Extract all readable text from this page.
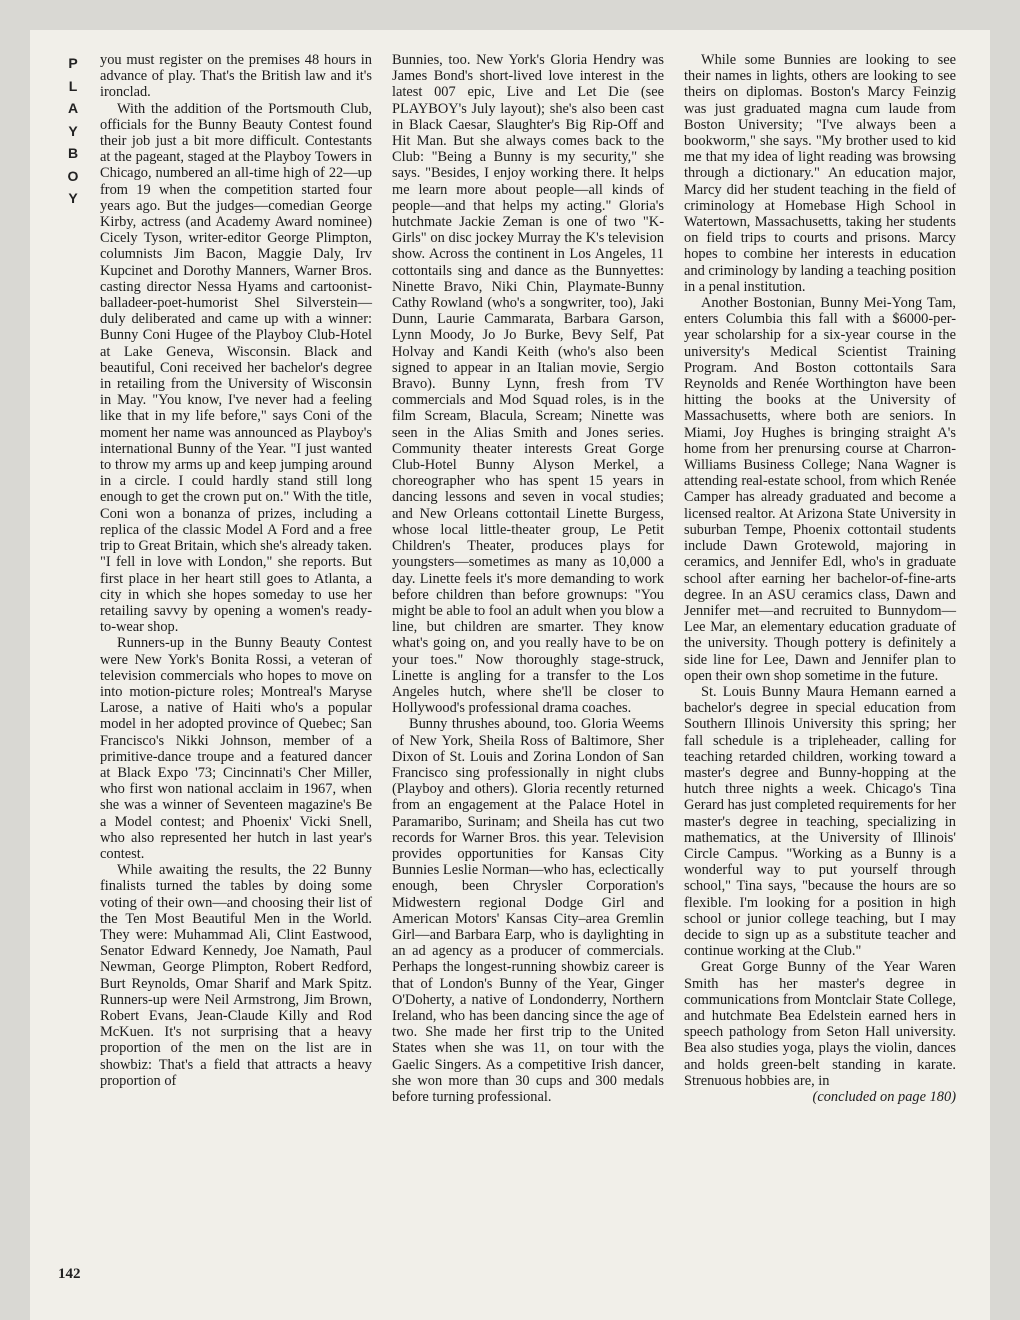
P
L
A
Y
B
O
Y

you must register on the premises 48 hours in advance of play. That's the British law and it's ironclad.

With the addition of the Portsmouth Club, officials for the Bunny Beauty Contest found their job just a bit more difficult. Contestants at the pageant, staged at the Playboy Towers in Chicago, numbered an all-time high of 22—up from 19 when the competition started four years ago. But the judges—comedian George Kirby, actress (and Academy Award nominee) Cicely Tyson, writer-editor George Plimpton, columnists Jim Bacon, Maggie Daly, Irv Kupcinet and Dorothy Manners, Warner Bros. casting director Nessa Hyams and cartoonist-balladeer-poet-humorist Shel Silverstein—duly deliberated and came up with a winner: Bunny Coni Hugee of the Playboy Club-Hotel at Lake Geneva, Wisconsin. Black and beautiful, Coni received her bachelor's degree in retailing from the University of Wisconsin in May. "You know, I've never had a feeling like that in my life before," says Coni of the moment her name was announced as Playboy's international Bunny of the Year. "I just wanted to throw my arms up and keep jumping around in a circle. I could hardly stand still long enough to get the crown put on." With the title, Coni won a bonanza of prizes, including a replica of the classic Model A Ford and a free trip to Great Britain, which she's already taken. "I fell in love with London," she reports. But first place in her heart still goes to Atlanta, a city in which she hopes someday to use her retailing savvy by opening a women's ready-to-wear shop.

Runners-up in the Bunny Beauty Contest were New York's Bonita Rossi, a veteran of television commercials who hopes to move on into motion-picture roles; Montreal's Maryse Larose, a native of Haiti who's a popular model in her adopted province of Quebec; San Francisco's Nikki Johnson, member of a primitive-dance troupe and a featured dancer at Black Expo '73; Cincinnati's Cher Miller, who first won national acclaim in 1967, when she was a winner of Seventeen magazine's Be a Model contest; and Phoenix' Vicki Snell, who also represented her hutch in last year's contest.

While awaiting the results, the 22 Bunny finalists turned the tables by doing some voting of their own—and choosing their list of the Ten Most Beautiful Men in the World. They were: Muhammad Ali, Clint Eastwood, Senator Edward Kennedy, Joe Namath, Paul Newman, George Plimpton, Robert Redford, Burt Reynolds, Omar Sharif and Mark Spitz. Runners-up were Neil Armstrong, Jim Brown, Robert Evans, Jean-Claude Killy and Rod McKuen. It's not surprising that a heavy proportion of the men on the list are in showbiz: That's a field that attracts a heavy proportion of

Bunnies, too. New York's Gloria Hendry was James Bond's short-lived love interest in the latest 007 epic, Live and Let Die (see PLAYBOY's July layout); she's also been cast in Black Caesar, Slaughter's Big Rip-Off and Hit Man. But she always comes back to the Club: "Being a Bunny is my security," she says. "Besides, I enjoy working there. It helps me learn more about people—all kinds of people—and that helps my acting." Gloria's hutchmate Jackie Zeman is one of two "K-Girls" on disc jockey Murray the K's television show. Across the continent in Los Angeles, 11 cottontails sing and dance as the Bunnyettes: Ninette Bravo, Niki Chin, Playmate-Bunny Cathy Rowland (who's a songwriter, too), Jaki Dunn, Laurie Cammarata, Barbara Garson, Lynn Moody, Jo Jo Burke, Bevy Self, Pat Holvay and Kandi Keith (who's also been signed to appear in an Italian movie, Sergio Bravo). Bunny Lynn, fresh from TV commercials and Mod Squad roles, is in the film Scream, Blacula, Scream; Ninette was seen in the Alias Smith and Jones series. Community theater interests Great Gorge Club-Hotel Bunny Alyson Merkel, a choreographer who has spent 15 years in dancing lessons and seven in vocal studies; and New Orleans cottontail Linette Burgess, whose local little-theater group, Le Petit Children's Theater, produces plays for youngsters—sometimes as many as 10,000 a day. Linette feels it's more demanding to work before children than before grownups: "You might be able to fool an adult when you blow a line, but children are smarter. They know what's going on, and you really have to be on your toes." Now thoroughly stage-struck, Linette is angling for a transfer to the Los Angeles hutch, where she'll be closer to Hollywood's professional drama coaches.

Bunny thrushes abound, too. Gloria Weems of New York, Sheila Ross of Baltimore, Sher Dixon of St. Louis and Zorina London of San Francisco sing professionally in night clubs (Playboy and others). Gloria recently returned from an engagement at the Palace Hotel in Paramaribo, Surinam; and Sheila has cut two records for Warner Bros. this year. Television provides opportunities for Kansas City Bunnies Leslie Norman—who has, eclectically enough, been Chrysler Corporation's Midwestern regional Dodge Girl and American Motors' Kansas City–area Gremlin Girl—and Barbara Earp, who is daylighting in an ad agency as a producer of commercials. Perhaps the longest-running showbiz career is that of London's Bunny of the Year, Ginger O'Doherty, a native of Londonderry, Northern Ireland, who has been dancing since the age of two. She made her first trip to the United States when she was 11, on tour with the Gaelic Singers. As a competitive Irish dancer, she won more than 30 cups and 300 medals before turning professional.

While some Bunnies are looking to see their names in lights, others are looking to see theirs on diplomas. Boston's Marcy Feinzig was just graduated magna cum laude from Boston University; "I've always been a bookworm," she says. "My brother used to kid me that my idea of light reading was browsing through a dictionary." An education major, Marcy did her student teaching in the field of criminology at Homebase High School in Watertown, Massachusetts, taking her students on field trips to courts and prisons. Marcy hopes to combine her interests in education and criminology by landing a teaching position in a penal institution.

Another Bostonian, Bunny Mei-Yong Tam, enters Columbia this fall with a $6000-per-year scholarship for a six-year course in the university's Medical Scientist Training Program. And Boston cottontails Sara Reynolds and Renée Worthington have been hitting the books at the University of Massachusetts, where both are seniors. In Miami, Joy Hughes is bringing straight A's home from her prenursing course at Charron-Williams Business College; Nana Wagner is attending real-estate school, from which Renée Camper has already graduated and become a licensed realtor. At Arizona State University in suburban Tempe, Phoenix cottontail students include Dawn Grotewold, majoring in ceramics, and Jennifer Edl, who's in graduate school after earning her bachelor-of-fine-arts degree. In an ASU ceramics class, Dawn and Jennifer met—and recruited to Bunnydom—Lee Mar, an elementary education graduate of the university. Though pottery is definitely a side line for Lee, Dawn and Jennifer plan to open their own shop sometime in the future.

St. Louis Bunny Maura Hemann earned a bachelor's degree in special education from Southern Illinois University this spring; her fall schedule is a tripleheader, calling for teaching retarded children, working toward a master's degree and Bunny-hopping at the hutch three nights a week. Chicago's Tina Gerard has just completed requirements for her master's degree in teaching, specializing in mathematics, at the University of Illinois' Circle Campus. "Working as a Bunny is a wonderful way to put yourself through school," Tina says, "because the hours are so flexible. I'm looking for a position in high school or junior college teaching, but I may decide to sign up as a substitute teacher and continue working at the Club."

Great Gorge Bunny of the Year Waren Smith has her master's degree in communications from Montclair State College, and hutchmate Bea Edelstein earned hers in speech pathology from Seton Hall university. Bea also studies yoga, plays the violin, dances and holds green-belt standing in karate. Strenuous hobbies are, in

(concluded on page 180)

142
